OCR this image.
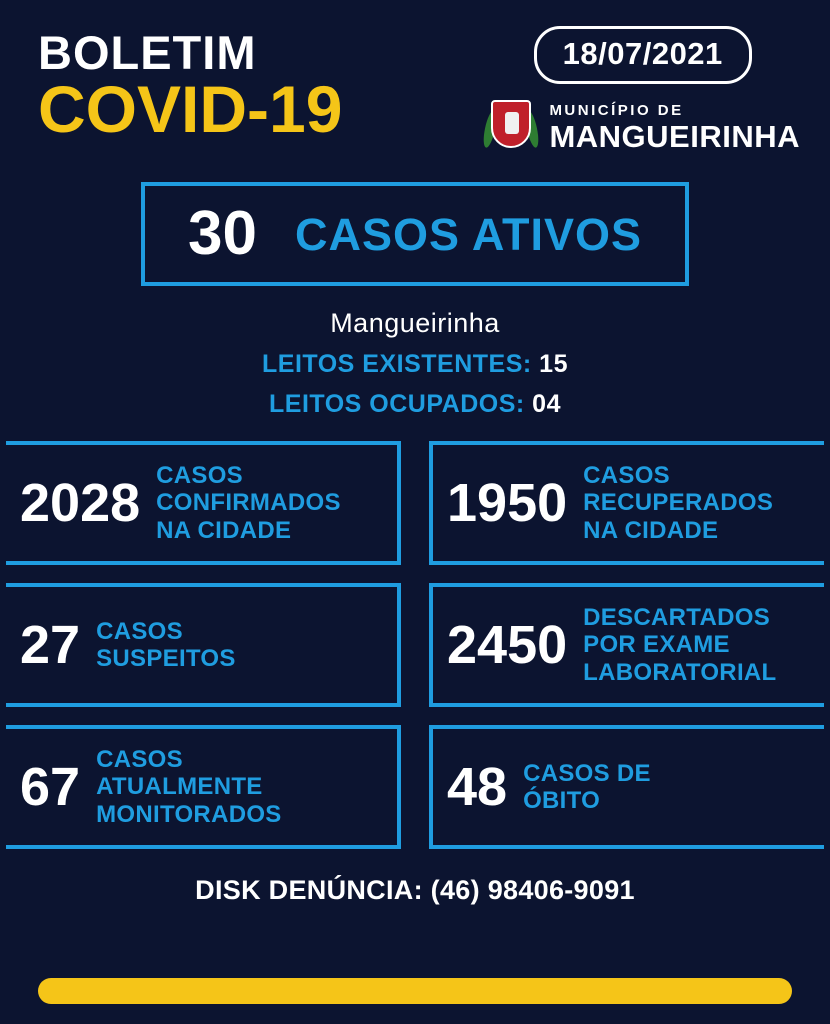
BOLETIM
COVID-19
18/07/2021
MUNICÍPIO DE
MANGUEIRINHA
30 CASOS ATIVOS
Mangueirinha
LEITOS EXISTENTES: 15
LEITOS OCUPADOS: 04
2028 CASOS
CONFIRMADOS
NA CIDADE	1950 CASOS
RECUPERADOS
NA CIDADE
27 CASOS
SUSPEITOS	2450 DESCARTADOS
POR EXAME
LABORATORIAL
67 CASOS
ATUALMENTE
MONITORADOS	48 CASOS DE
ÓBITO
DISK DENÚNCIA: (46) 98406-9091
